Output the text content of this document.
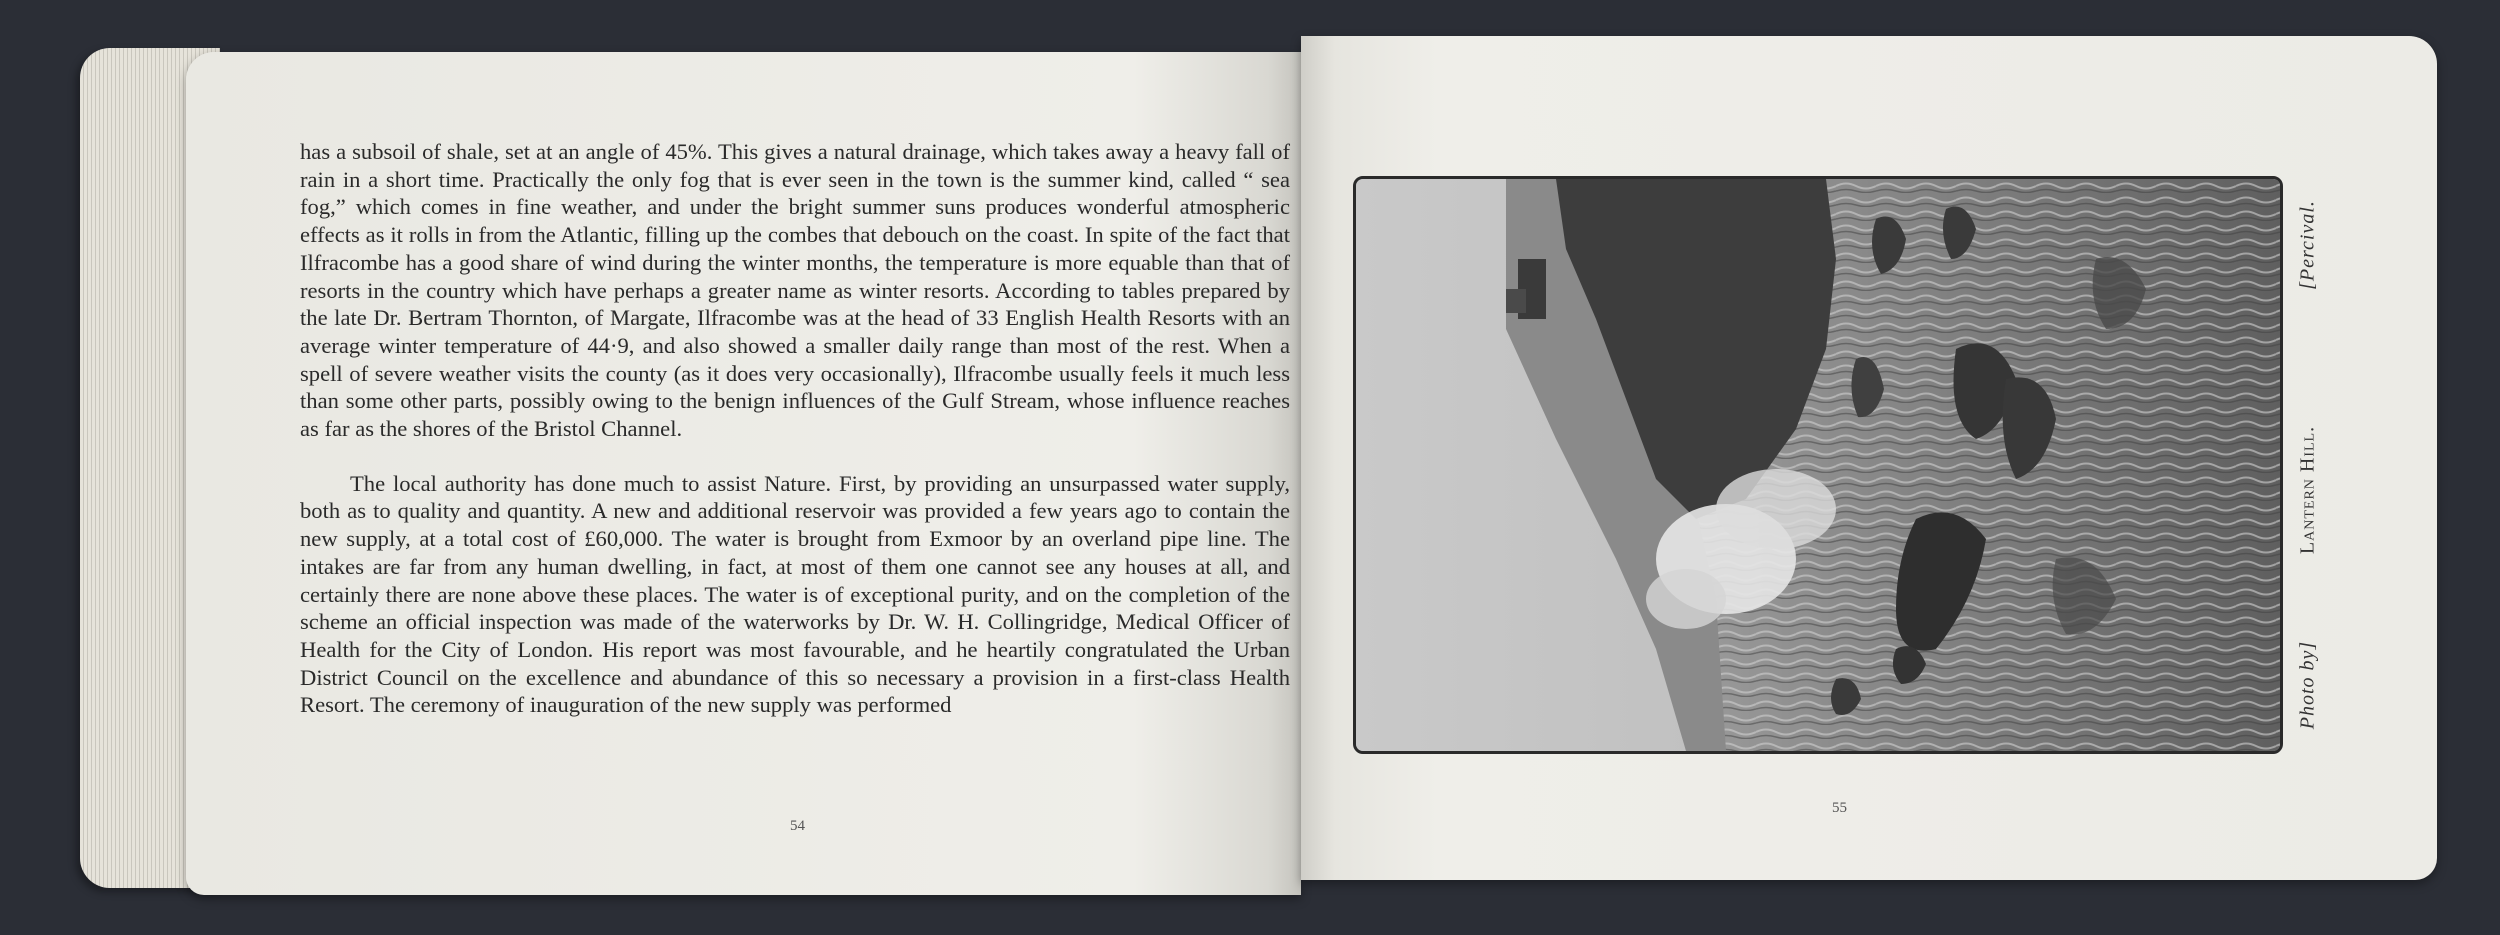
has a subsoil of shale, set at an angle of 45%. This gives a natural drainage, which takes away a heavy fall of rain in a short time. Practically the only fog that is ever seen in the town is the summer kind, called “ sea fog,” which comes in fine weather, and under the bright summer suns produces wonderful atmospheric effects as it rolls in from the Atlantic, filling up the combes that debouch on the coast. In spite of the fact that Ilfracombe has a good share of wind during the winter months, the temperature is more equable than that of resorts in the country which have perhaps a greater name as winter resorts. According to tables prepared by the late Dr. Bertram Thornton, of Margate, Ilfracombe was at the head of 33 English Health Resorts with an average winter temperature of 44·9, and also showed a smaller daily range than most of the rest. When a spell of severe weather visits the county (as it does very occasionally), Ilfracombe usually feels it much less than some other parts, possibly owing to the benign influences of the Gulf Stream, whose influence reaches as far as the shores of the Bristol Channel.

The local authority has done much to assist Nature. First, by providing an unsurpassed water supply, both as to quality and quantity. A new and additional reservoir was provided a few years ago to contain the new supply, at a total cost of £60,000. The water is brought from Exmoor by an overland pipe line. The intakes are far from any human dwelling, in fact, at most of them one cannot see any houses at all, and certainly there are none above these places. The water is of exceptional purity, and on the completion of the scheme an official inspection was made of the waterworks by Dr. W. H. Collingridge, Medical Officer of Health for the City of London. His report was most favourable, and he heartily congratulated the Urban District Council on the excellence and abundance of this so necessary a provision in a first-class Health Resort. The ceremony of inauguration of the new supply was performed

54
Photo by]
Lantern Hill.
[Percival.
55
